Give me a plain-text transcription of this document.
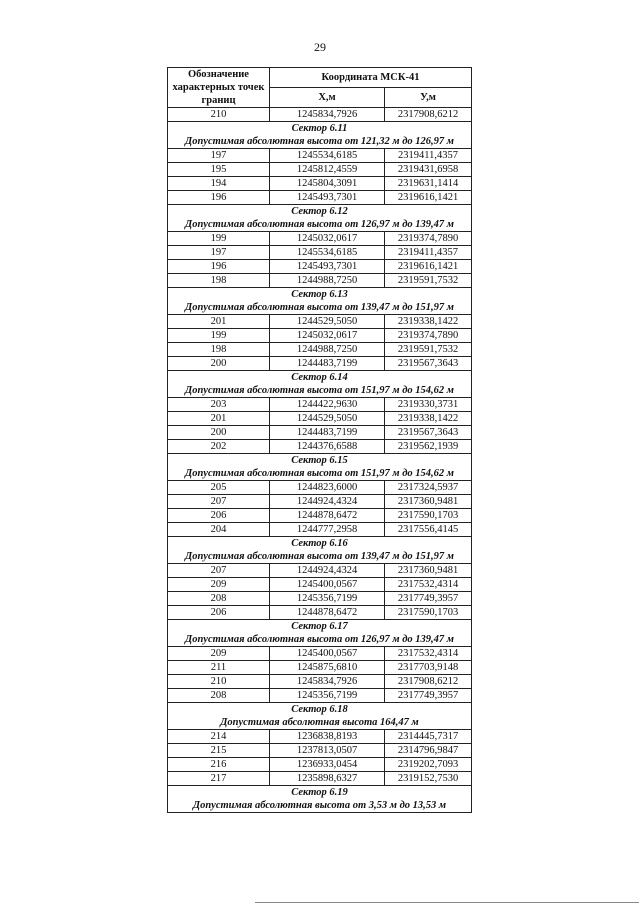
29
Обозначение характерных точек границ	Координата МСК-41	
	X,м	У,м
210	1245834,7926	2317908,6212
Сектор 6.11		
Допустимая абсолютная высота от 121,32 м до 126,97 м		
197	1245534,6185	2319411,4357
195	1245812,4559	2319431,6958
194	1245804,3091	2319631,1414
196	1245493,7301	2319616,1421
Сектор 6.12		
Допустимая абсолютная высота от 126,97 м до 139,47 м		
199	1245032,0617	2319374,7890
197	1245534,6185	2319411,4357
196	1245493,7301	2319616,1421
198	1244988,7250	2319591,7532
Сектор 6.13		
Допустимая абсолютная высота от 139,47 м до 151,97 м		
201	1244529,5050	2319338,1422
199	1245032,0617	2319374,7890
198	1244988,7250	2319591,7532
200	1244483,7199	2319567,3643
Сектор 6.14		
Допустимая абсолютная высота от 151,97 м до 154,62 м		
203	1244422,9630	2319330,3731
201	1244529,5050	2319338,1422
200	1244483,7199	2319567,3643
202	1244376,6588	2319562,1939
Сектор 6.15		
Допустимая абсолютная высота от 151,97 м до 154,62 м		
205	1244823,6000	2317324,5937
207	1244924,4324	2317360,9481
206	1244878,6472	2317590,1703
204	1244777,2958	2317556,4145
Сектор 6.16		
Допустимая абсолютная высота от 139,47 м до 151,97 м		
207	1244924,4324	2317360,9481
209	1245400,0567	2317532,4314
208	1245356,7199	2317749,3957
206	1244878,6472	2317590,1703
Сектор 6.17		
Допустимая абсолютная высота от 126,97 м до 139,47 м		
209	1245400,0567	2317532,4314
211	1245875,6810	2317703,9148
210	1245834,7926	2317908,6212
208	1245356,7199	2317749,3957
Сектор 6.18		
Допустимая абсолютная высота 164,47 м		
214	1236838,8193	2314445,7317
215	1237813,0507	2314796,9847
216	1236933,0454	2319202,7093
217	1235898,6327	2319152,7530
Сектор 6.19		
Допустимая абсолютная высота от 3,53 м до 13,53 м		
